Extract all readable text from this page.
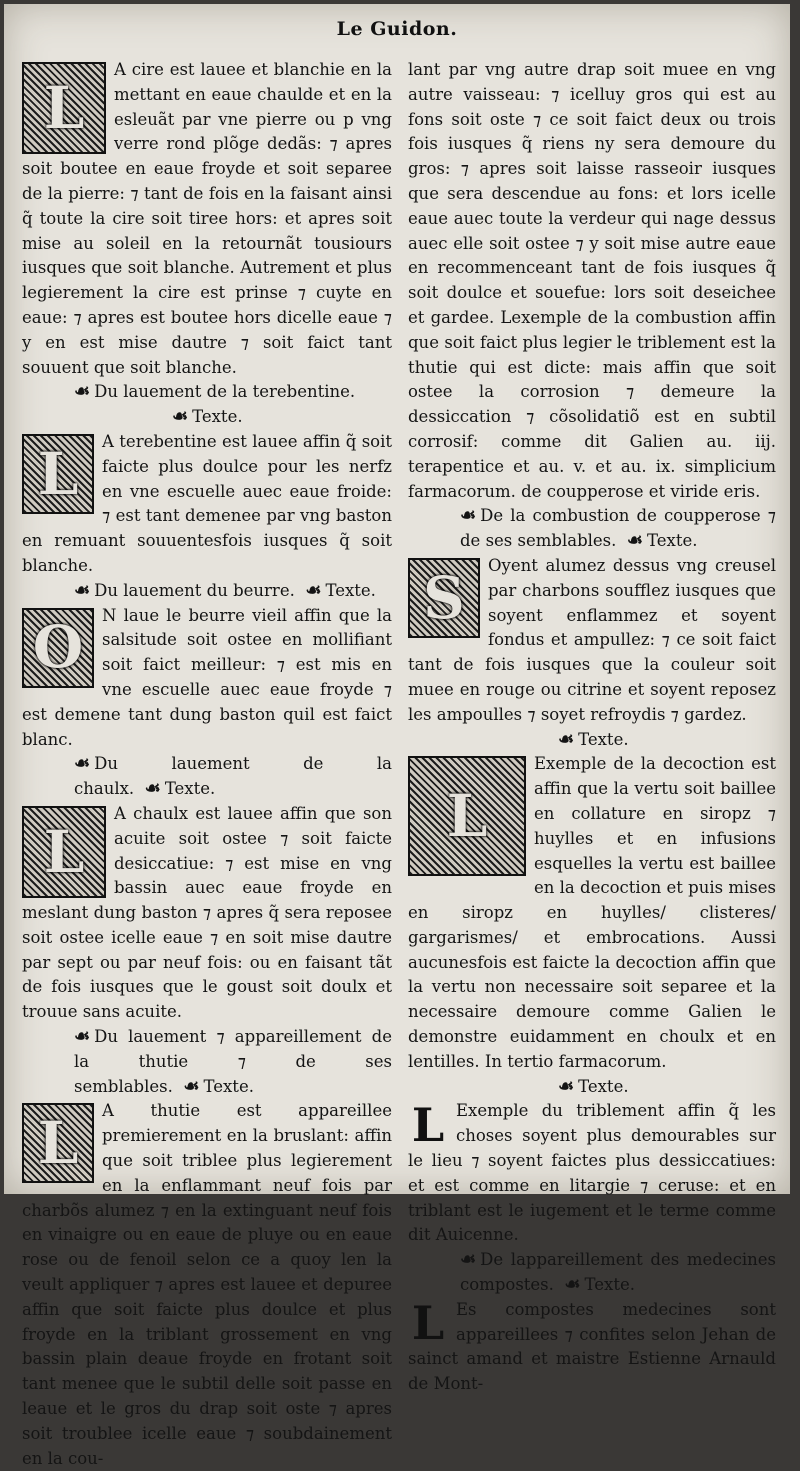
Le Guidon.

L
A cire est lauee et blanchie en la mettant en eaue chaulde et en la esleuãt par vne pierre ou p vng verre rond plõge dedãs: ⁊ apres soit boutee en eaue froyde et soit separee de la pierre: ⁊ tant de fois en la faisant ainsi q̃ toute la cire soit tiree hors: et apres soit mise au soleil en la retournãt tousiours iusques que soit blanche. Autrement et plus legierement la cire est prinse ⁊ cuyte en eaue: ⁊ apres est boutee hors dicelle eaue ⁊ y en est mise dautre ⁊ soit faict tant souuent que soit blanche.

☙ Du lauement de la terebentine.

☙ Texte.

L A terebentine est lauee affin q̃ soit faicte plus doulce pour les nerfz en vne escuelle auec eaue froide: ⁊ est tant demenee par vng baston en remuant souuentesfois iusques q̃ soit blanche.

☙ Du lauement du beurre. ☙ Texte.

O N laue le beurre vieil affin que la salsitude soit ostee en mollifiant soit faict meilleur: ⁊ est mis en vne escuelle auec eaue froyde ⁊ est demene tant dung baston quil est faict blanc.

☙ Du lauement de la chaulx. ☙ Texte.

L
A chaulx est lauee affin que son acuite soit ostee ⁊ soit faicte desiccatiue: ⁊ est mise en vng bassin auec eaue froyde en meslant dung baston ⁊ apres q̃ sera reposee soit ostee icelle eaue ⁊ en soit mise dautre par sept ou par neuf fois: ou en faisant tãt de fois iusques que le goust soit doulx et trouue sans acuite.

☙ Du lauement ⁊ appareillement de la thutie ⁊ de ses semblables. ☙ Texte.

L A thutie est appareillee premierement en la bruslant: affin que soit triblee plus legierement en la enflammant neuf fois par charbõs alumez ⁊ en la extinguant neuf fois en vinaigre ou en eaue de pluye ou en eaue rose ou de fenoil selon ce a quoy len la veult appliquer ⁊ apres est lauee et depuree affin que soit faicte plus doulce et plus froyde en la triblant grossement en vng bassin plain deaue froyde en frotant soit tant menee que le subtil delle soit passe en leaue et le gros du drap soit oste ⁊ apres soit troublee icelle eaue ⁊ soubdainement en la cou-

lant par vng autre drap soit muee en vng autre vaisseau: ⁊ icelluy gros qui est au fons soit oste ⁊ ce soit faict deux ou trois fois iusques q̃ riens ny sera demoure du gros: ⁊ apres soit laisse rasseoir iusques que sera descendue au fons: et lors icelle eaue auec toute la verdeur qui nage dessus auec elle soit ostee ⁊ y soit mise autre eaue en recommenceant tant de fois iusques q̃ soit doulce et souefue: lors soit deseichee et gardee. Lexemple de la combustion affin que soit faict plus legier le triblement est la thutie qui est dicte: mais affin que soit ostee la corrosion ⁊ demeure la dessiccation ⁊ cõsolidatiõ est en subtil corrosif: comme dit Galien au. iij. terapentice et au. v. et au. ix. simplicium farmacorum. de coupperose et viride eris.

☙ De la combustion de coupperose ⁊ de ses semblables. ☙ Texte.

S Oyent alumez dessus vng creusel par charbons soufflez iusques que soyent enflammez et soyent fondus et ampullez: ⁊ ce soit faict tant de fois iusques que la couleur soit muee en rouge ou citrine et soyent reposez les ampoulles ⁊ soyet refroydis ⁊ gardez.

☙ Texte.

L
Exemple de la decoction est affin que la vertu soit baillee en collature en siropz ⁊ huylles et en infusions esquelles la vertu est baillee en la decoction et puis mises en siropz en huylles/ clisteres/ gargarismes/ et embrocations. Aussi aucunesfois est faicte la decoction affin que la vertu non necessaire soit separee et la necessaire demoure comme Galien le demonstre euidamment en choulx et en lentilles. In tertio farmacorum.

☙ Texte.

L Exemple du triblement affin q̃ les choses soyent plus demourables sur le lieu ⁊ soyent faictes plus dessiccatiues: et est comme en litargie ⁊ ceruse: et en triblant est le iugement et le terme comme dit Auicenne.

☙ De lappareillement des medecines compostes. ☙ Texte.

L Es compostes medecines sont appareillees ⁊ confites selon Jehan de sainct amand et maistre Estienne Arnauld de Mont-
